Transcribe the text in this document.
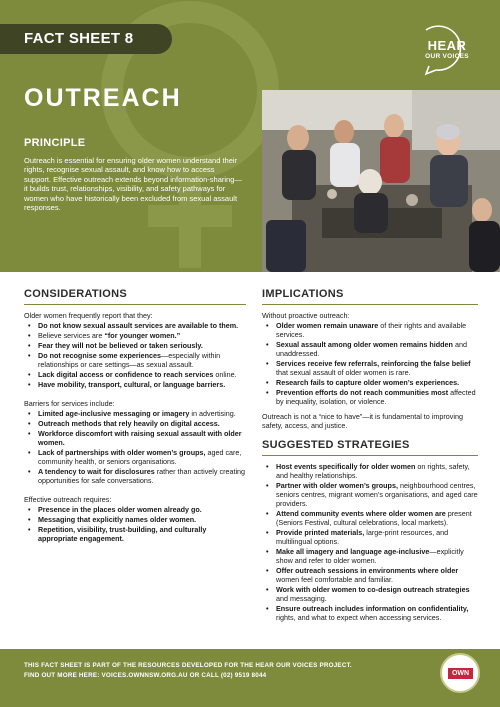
FACT SHEET 8	HEAR
OUR VOICES
OUTREACH
PRINCIPLE
Outreach is essential for ensuring older women understand their rights, recognise sexual assault, and know how to access support. Effective outreach extends beyond information-sharing—it builds trust, relationships, visibility, and safety pathways for women who have historically been excluded from sexual assault responses.
CONSIDERATIONS
Older women frequently report that they:
• Do not know sexual assault services are available to them.
• Believe services are “for younger women.”
• Fear they will not be believed or taken seriously.
• Do not recognise some experiences—especially within relationships or care settings—as sexual assault.
• Lack digital access or confidence to reach services online.
• Have mobility, transport, cultural, or language barriers.
Barriers for services include:
• Limited age-inclusive messaging or imagery in advertising.
• Outreach methods that rely heavily on digital access.
• Workforce discomfort with raising sexual assault with older women.
• Lack of partnerships with older women’s groups, aged care, community health, or seniors organisations.
• A tendency to wait for disclosures rather than actively creating opportunities for safe conversations.
Effective outreach requires:
• Presence in the places older women already go.
• Messaging that explicitly names older women.
• Repetition, visibility, trust-building, and culturally appropriate engagement.
IMPLICATIONS
Without proactive outreach:
• Older women remain unaware of their rights and available services.
• Sexual assault among older women remains hidden and unaddressed.
• Services receive few referrals, reinforcing the false belief that sexual assault of older women is rare.
• Research fails to capture older women’s experiences.
• Prevention efforts do not reach communities most affected by inequality, isolation, or violence.

Outreach is not a “nice to have”—it is fundamental to improving safety, access, and justice.

SUGGESTED STRATEGIES
• Host events specifically for older women on rights, safety, and healthy relationships.
• Partner with older women’s groups, neighbourhood centres, seniors centres, migrant women’s organisations, and aged care providers.
• Attend community events where older women are present (Seniors Festival, cultural celebrations, local markets).
• Provide printed materials, large-print resources, and multilingual options.
• Make all imagery and language age-inclusive—explicitly show and refer to older women.
• Offer outreach sessions in environments where older women feel comfortable and familiar.
• Work with older women to co-design outreach strategies and messaging.
• Ensure outreach includes information on confidentiality, rights, and what to expect when accessing services.
THIS FACT SHEET IS PART OF THE RESOURCES DEVELOPED FOR THE HEAR OUR VOICES PROJECT.
FIND OUT MORE HERE: VOICES.OWNNSW.ORG.AU OR CALL (02) 9519 8044	OWN
